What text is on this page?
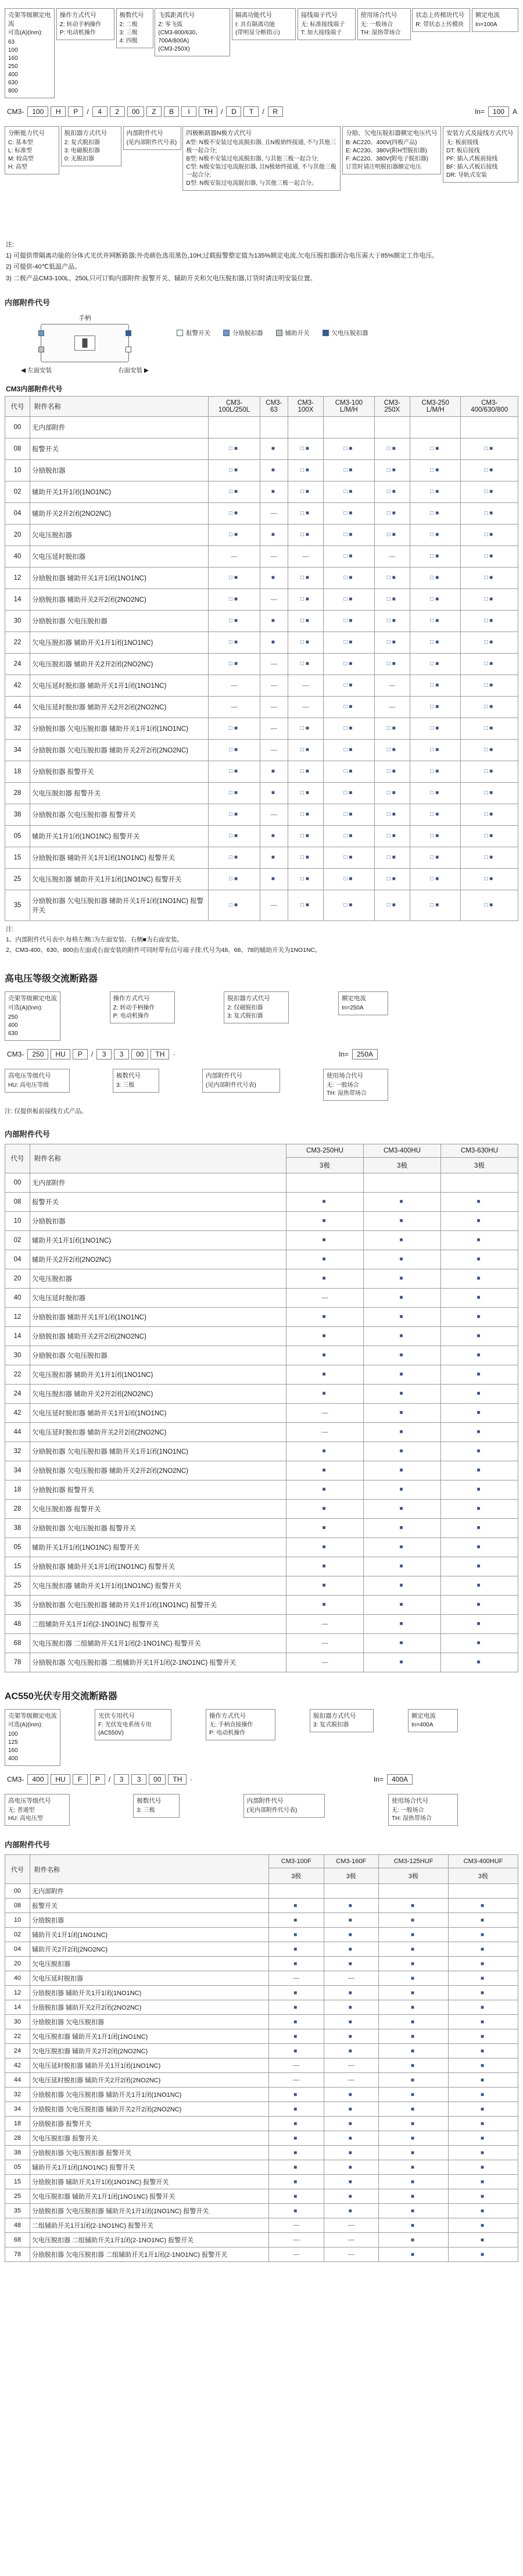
壳架等级额定电流
可选(A)(Inm):
63
100
160
250
400
630
800
操作方式代号
Z: 转动手柄操作
P: 电动机操作
极数代号
2: 二极
3: 三极
4: 四极
飞弧距离代号
Z: 零飞弧
(CM3-800/630、700A/800A)
(CM3-250X)
隔离功能代号
I: 具有隔离功能
(带明显分断指示)
接线端子代号
无: 标准接线端子
T: 加大接线端子
使用场合代号
无: 一般场合
TH: 湿热带场合
状态上传模块代号
R: 带状态上传模块
额定电流
In=100A
CM3-	100	H	P	/	4	2	00	Z	B	I	TH	/	D	T	/	R	In=	100	A
分断能力代号
C: 基本型
L: 标准型
M: 较高型
H: 高型
脱扣器方式代号
2: 复式脱扣器
3: 电磁脱扣器
0: 无脱扣器
内部附件代号
(见内部附件代号表)
四极断路器N极方式代号
A型: N极不安装过电流脱扣器, 且N极始终接通, 不与其他三极一起合分;
B型: N极不安装过电流脱扣器, 与其他三极一起合分;
C型: N极安装过电流脱扣器, 且N极始终接通, 不与其他三极一起合分;
D型: N极安装过电流脱扣器, 与其他三极一起合分。
分励、欠电压脱扣器额定电压代号
B: AC220、400V(四极产品)
E: AC230、380V(附H型脱扣器)
F: AC220、380V(附电子脱扣器)
订货时请注明脱扣器额定电压
安装方式及接线方式代号
无: 板前接线
DT: 板后接线
PF: 插入式板前接线
BF: 插入式板后接线
DR: 导轨式安装
注:
1) 可提供带隔离功能的分体式光伏并网断路器;外壳颜色选用黑色,10H;过载报警整定值为135%额定电流,欠电压脱扣器闭合电压需大于85%额定工作电压。
2) 可提供-40℃低温产品。
3) 二极产品CM3-100L、250L只可订购内部附件:报警开关、辅助开关和欠电压脱扣器,订货时请注明安装位置。
内部附件代号
手柄
◀ 左面安装	右面安装 ▶
报警开关	分励脱扣器	辅助开关	欠电压脱扣器
CM3内部附件代号
代号	附件名称	CM3-100L/250L	CM3-63	CM3-100X	CM3-100 L/M/H	CM3-250X	CM3-250 L/M/H	CM3-400/630/800
00	无内部附件							
08	报警开关	□■	■	□■	□■	□■	□■	□■
10	分励脱扣器	□■	■	□■	□■	□■	□■	□■
02	辅助开关1开1闭(1NO1NC)	□■	■	□■	□■	□■	□■	□■
04	辅助开关2开2闭(2NO2NC)	□■	—	□■	□■	□■	□■	□■
20	欠电压脱扣器	□■	■	□■	□■	□■	□■	□■
40	欠电压延时脱扣器	—	—	—	□■	—	□■	□■
12	分励脱扣器 辅助开关1开1闭(1NO1NC)	□■	■	□■	□■	□■	□■	□■
14	分励脱扣器 辅助开关2开2闭(2NO2NC)	□■	—	□■	□■	□■	□■	□■
30	分励脱扣器 欠电压脱扣器	□■	■	□■	□■	□■	□■	□■
22	欠电压脱扣器 辅助开关1开1闭(1NO1NC)	□■	■	□■	□■	□■	□■	□■
24	欠电压脱扣器 辅助开关2开2闭(2NO2NC)	□■	—	□■	□■	□■	□■	□■
42	欠电压延时脱扣器 辅助开关1开1闭(1NO1NC)	—	—	—	□■	—	□■	□■
44	欠电压延时脱扣器 辅助开关2开2闭(2NO2NC)	—	—	—	□■	—	□■	□■
32	分励脱扣器 欠电压脱扣器 辅助开关1开1闭(1NO1NC)	□■	—	□■	□■	□■	□■	□■
34	分励脱扣器 欠电压脱扣器 辅助开关2开2闭(2NO2NC)	□■	—	□■	□■	□■	□■	□■
18	分励脱扣器 报警开关	□■	■	□■	□■	□■	□■	□■
28	欠电压脱扣器 报警开关	□■	■	□■	□■	□■	□■	□■
38	分励脱扣器 欠电压脱扣器 报警开关	□■	—	□■	□■	□■	□■	□■
05	辅助开关1开1闭(1NO1NC) 报警开关	□■	■	□■	□■	□■	□■	□■
15	分励脱扣器 辅助开关1开1闭(1NO1NC) 报警开关	□■	■	□■	□■	□■	□■	□■
25	欠电压脱扣器 辅助开关1开1闭(1NO1NC) 报警开关	□■	■	□■	□■	□■	□■	□■
35	分励脱扣器 欠电压脱扣器 辅助开关1开1闭(1NO1NC) 报警开关	□■	—	□■	□■	□■	□■	□■
注:
1、内部附件代号表中,每格左侧□为左面安装、右侧■为右面安装。
2、CM3-400、630、800由左面或右面安装的附件可同时带有信号端子排;代号为48、68、78的辅助开关为1NO1NC。
高电压等级交流断路器
壳架等级额定电流
可选(A)(Inm):
250
400
630
操作方式代号
Z: 转动手柄操作
P: 电动机操作
脱扣器方式代号
2: 仅磁脱扣器
3: 复式脱扣器
额定电流
In=250A
CM3-	250	HU	P	/	3	3	00	TH	·	In=	250A
高电压等级代号
HU: 高电压等级
极数代号
3: 三极
内部附件代号
(见内部附件代号表)
使用场合代号
无: 一般场合
TH: 湿热带场合
注: 仅提供板前接线方式产品。
内部附件代号
代号	附件名称	CM3-250HU	CM3-400HU	CM3-630HU
		3极	3极	3极
00	无内部附件			
08	报警开关	■	■	■
10	分励脱扣器	■	■	■
02	辅助开关1开1闭(1NO1NC)	■	■	■
04	辅助开关2开2闭(2NO2NC)	■	■	■
20	欠电压脱扣器	■	■	■
40	欠电压延时脱扣器	—	■	■
12	分励脱扣器 辅助开关1开1闭(1NO1NC)	■	■	■
14	分励脱扣器 辅助开关2开2闭(2NO2NC)	■	■	■
30	分励脱扣器 欠电压脱扣器	■	■	■
22	欠电压脱扣器 辅助开关1开1闭(1NO1NC)	■	■	■
24	欠电压脱扣器 辅助开关2开2闭(2NO2NC)	■	■	■
42	欠电压延时脱扣器 辅助开关1开1闭(1NO1NC)	—	■	■
44	欠电压延时脱扣器 辅助开关2开2闭(2NO2NC)	—	■	■
32	分励脱扣器 欠电压脱扣器 辅助开关1开1闭(1NO1NC)	■	■	■
34	分励脱扣器 欠电压脱扣器 辅助开关2开2闭(2NO2NC)	■	■	■
18	分励脱扣器 报警开关	■	■	■
28	欠电压脱扣器 报警开关	■	■	■
38	分励脱扣器 欠电压脱扣器 报警开关	■	■	■
05	辅助开关1开1闭(1NO1NC) 报警开关	■	■	■
15	分励脱扣器 辅助开关1开1闭(1NO1NC) 报警开关	■	■	■
25	欠电压脱扣器 辅助开关1开1闭(1NO1NC) 报警开关	■	■	■
35	分励脱扣器 欠电压脱扣器 辅助开关1开1闭(1NO1NC) 报警开关	■	■	■
48	二组辅助开关1开1闭(2-1NO1NC) 报警开关	—	■	■
68	欠电压脱扣器 二组辅助开关1开1闭(2-1NO1NC) 报警开关	—	■	■
78	分励脱扣器 欠电压脱扣器 二组辅助开关1开1闭(2-1NO1NC) 报警开关	—	■	■
AC550光伏专用交流断路器
壳架等级额定电流
可选(A)(Inm):
100
125
160
400
光伏专用代号
F: 光伏发电系统专用
(AC550V)
操作方式代号
无: 手柄直接操作
P: 电动机操作
脱扣器方式代号
3: 复式脱扣器
额定电流
In=400A
CM3-	400	HU	F	P	/	3	3	00	TH	·	In=	400A
高电压等级代号
无: 普通型
HU: 高电压型
极数代号
3: 三极
内部附件代号
(见内部附件代号表)
使用场合代号
无: 一般场合
TH: 湿热带场合
内部附件代号
代号	附件名称	CM3-100F	CM3-160F	CM3-125HUF	CM3-400HUF
		3极	3极	3极	3极
00	无内部附件				
08	报警开关	■	■	■	■
10	分励脱扣器	■	■	■	■
02	辅助开关1开1闭(1NO1NC)	■	■	■	■
04	辅助开关2开2闭(2NO2NC)	■	■	■	■
20	欠电压脱扣器	■	■	■	■
40	欠电压延时脱扣器	—	—	■	■
12	分励脱扣器 辅助开关1开1闭(1NO1NC)	■	■	■	■
14	分励脱扣器 辅助开关2开2闭(2NO2NC)	■	■	■	■
30	分励脱扣器 欠电压脱扣器	■	■	■	■
22	欠电压脱扣器 辅助开关1开1闭(1NO1NC)	■	■	■	■
24	欠电压脱扣器 辅助开关2开2闭(2NO2NC)	■	■	■	■
42	欠电压延时脱扣器 辅助开关1开1闭(1NO1NC)	—	—	■	■
44	欠电压延时脱扣器 辅助开关2开2闭(2NO2NC)	—	—	■	■
32	分励脱扣器 欠电压脱扣器 辅助开关1开1闭(1NO1NC)	■	■	■	■
34	分励脱扣器 欠电压脱扣器 辅助开关2开2闭(2NO2NC)	■	■	■	■
18	分励脱扣器 报警开关	■	■	■	■
28	欠电压脱扣器 报警开关	■	■	■	■
38	分励脱扣器 欠电压脱扣器 报警开关	■	■	■	■
05	辅助开关1开1闭(1NO1NC) 报警开关	■	■	■	■
15	分励脱扣器 辅助开关1开1闭(1NO1NC) 报警开关	■	■	■	■
25	欠电压脱扣器 辅助开关1开1闭(1NO1NC) 报警开关	■	■	■	■
35	分励脱扣器 欠电压脱扣器 辅助开关1开1闭(1NO1NC) 报警开关	■	■	■	■
48	二组辅助开关1开1闭(2-1NO1NC) 报警开关	—	—	■	■
68	欠电压脱扣器 二组辅助开关1开1闭(2-1NO1NC) 报警开关	—	—	■	■
78	分励脱扣器 欠电压脱扣器 二组辅助开关1开1闭(2-1NO1NC) 报警开关	—	—	■	■
